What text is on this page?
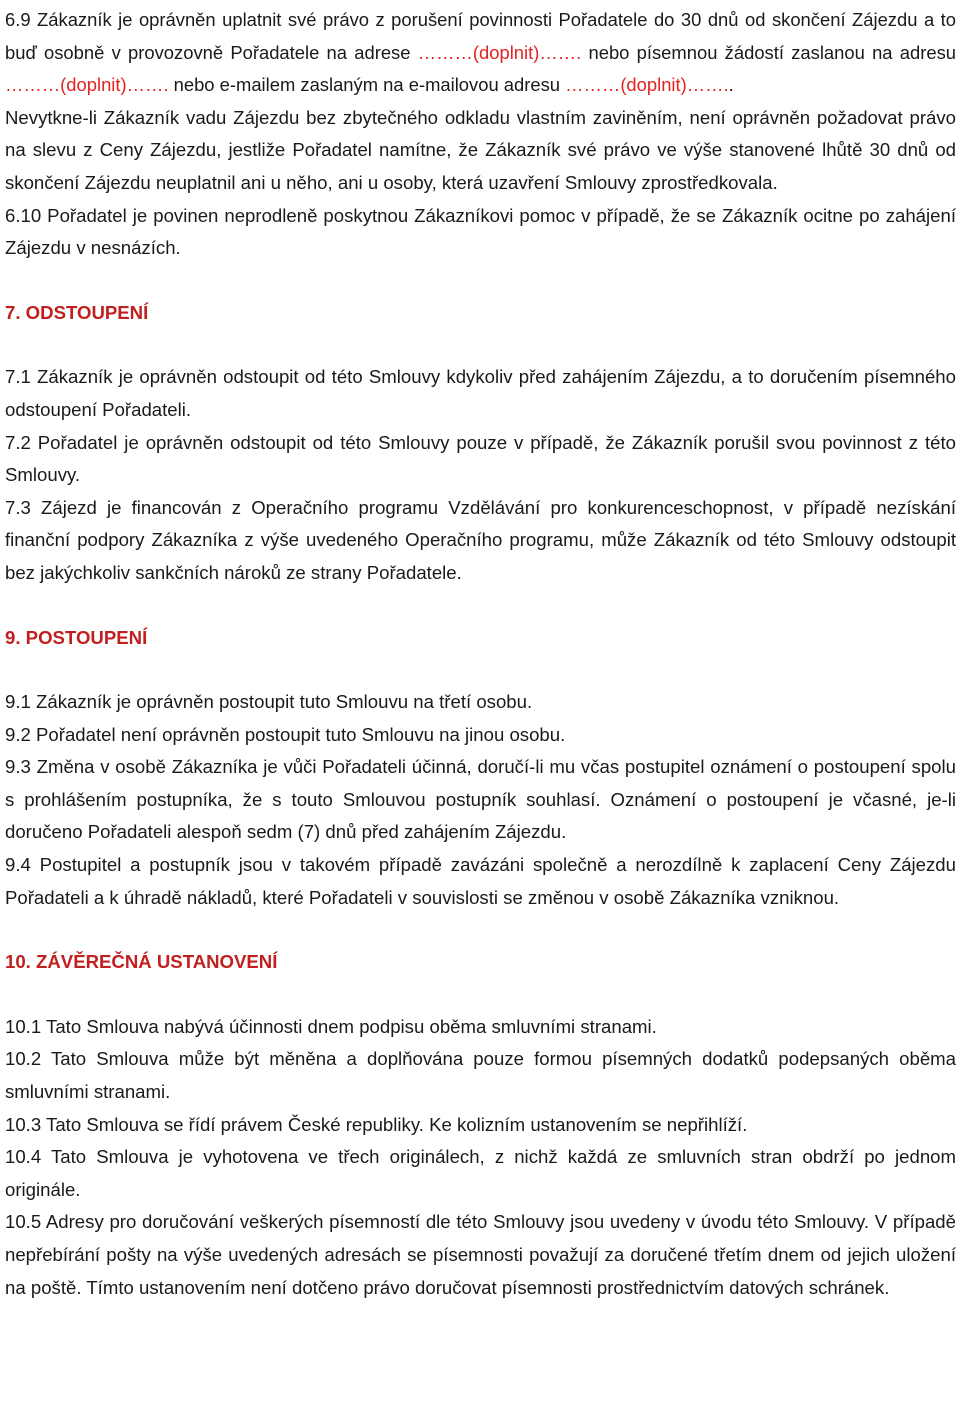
6.9 Zákazník je oprávněn uplatnit své právo z porušení povinnosti Pořadatele do 30 dnů od skončení Zájezdu a to buď osobně v provozovně Pořadatele na adrese ………(doplnit)……. nebo písemnou žádostí zaslanou na adresu ………(doplnit)……. nebo e-mailem zaslaným na e-mailovou adresu ………(doplnit)……..

Nevytkne-li Zákazník vadu Zájezdu bez zbytečného odkladu vlastním zaviněním, není oprávněn požadovat právo na slevu z Ceny Zájezdu, jestliže Pořadatel namítne, že Zákazník své právo ve výše stanovené lhůtě 30 dnů od skončení Zájezdu neuplatnil ani u něho, ani u osoby, která uzavření Smlouvy zprostředkovala.

6.10 Pořadatel je povinen neprodleně poskytnou Zákazníkovi pomoc v případě, že se Zákazník ocitne po zahájení Zájezdu v nesnázích.

7. ODSTOUPENÍ

7.1 Zákazník je oprávněn odstoupit od této Smlouvy kdykoliv před zahájením Zájezdu, a to doručením písemného odstoupení Pořadateli.

7.2 Pořadatel je oprávněn odstoupit od této Smlouvy pouze v případě, že Zákazník porušil svou povinnost z této Smlouvy.

7.3 Zájezd je financován z Operačního programu Vzdělávání pro konkurenceschopnost, v případě nezískání finanční podpory Zákazníka z výše uvedeného Operačního programu, může Zákazník od této Smlouvy odstoupit bez jakýchkoliv sankčních nároků ze strany Pořadatele.

9. POSTOUPENÍ

9.1 Zákazník je oprávněn postoupit tuto Smlouvu na třetí osobu.

9.2 Pořadatel není oprávněn postoupit tuto Smlouvu na jinou osobu.

9.3 Změna v osobě Zákazníka je vůči Pořadateli účinná, doručí-li mu včas postupitel oznámení o postoupení spolu s prohlášením postupníka, že s touto Smlouvou postupník souhlasí. Oznámení o postoupení je včasné, je-li doručeno Pořadateli alespoň sedm (7) dnů před zahájením Zájezdu.

9.4 Postupitel a postupník jsou v takovém případě zavázáni společně a nerozdílně k zaplacení Ceny Zájezdu Pořadateli a k úhradě nákladů, které Pořadateli v souvislosti se změnou v osobě Zákazníka vzniknou.

10. ZÁVĚREČNÁ USTANOVENÍ

10.1 Tato Smlouva nabývá účinnosti dnem podpisu oběma smluvními stranami.

10.2 Tato Smlouva může být měněna a doplňována pouze formou písemných dodatků podepsaných oběma smluvními stranami.

10.3 Tato Smlouva se řídí právem České republiky. Ke kolizním ustanovením se nepřihlíží.

10.4 Tato Smlouva je vyhotovena ve třech originálech, z nichž každá ze smluvních stran obdrží po jednom originále.

10.5 Adresy pro doručování veškerých písemností dle této Smlouvy jsou uvedeny v úvodu této Smlouvy. V případě nepřebírání pošty na výše uvedených adresách se písemnosti považují za doručené třetím dnem od jejich uložení na poště. Tímto ustanovením není dotčeno právo doručovat písemnosti prostřednictvím datových schránek.
